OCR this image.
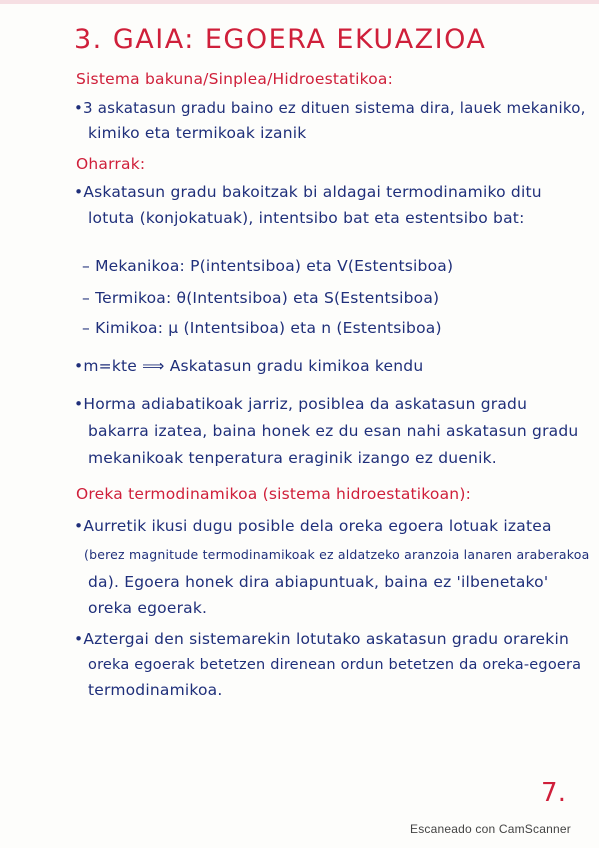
3. GAIA: EGOERA EKUAZIOA
Sistema bakuna/Sinplea/Hidroestatikoa:
•3 askatasun gradu baino ez dituen sistema dira, lauek mekaniko,
kimiko eta termikoak izanik
Oharrak:
•Askatasun gradu bakoitzak bi aldagai termodinamiko ditu
lotuta (konjokatuak), intentsibo bat eta estentsibo bat:
– Mekanikoa: P(intentsiboa) eta V(Estentsiboa)
– Termikoa: θ(Intentsiboa) eta S(Estentsiboa)
– Kimikoa: μ (Intentsiboa) eta n (Estentsiboa)
•m=kte ⟹ Askatasun gradu kimikoa kendu
•Horma adiabatikoak jarriz, posiblea da askatasun gradu
bakarra izatea, baina honek ez du esan nahi askatasun gradu
mekanikoak tenperatura eraginik izango ez duenik.
Oreka termodinamikoa (sistema hidroestatikoan):
•Aurretik ikusi dugu posible dela oreka egoera lotuak izatea
(berez magnitude termodinamikoak ez aldatzeko aranzoia lanaren araberakoa
da). Egoera honek dira abiapuntuak, baina ez 'ilbenetako'
oreka egoerak.
•Aztergai den sistemarekin lotutako askatasun gradu orarekin
oreka egoerak betetzen direnean ordun betetzen da oreka-egoera
termodinamikoa.
7.
Escaneado con CamScanner
